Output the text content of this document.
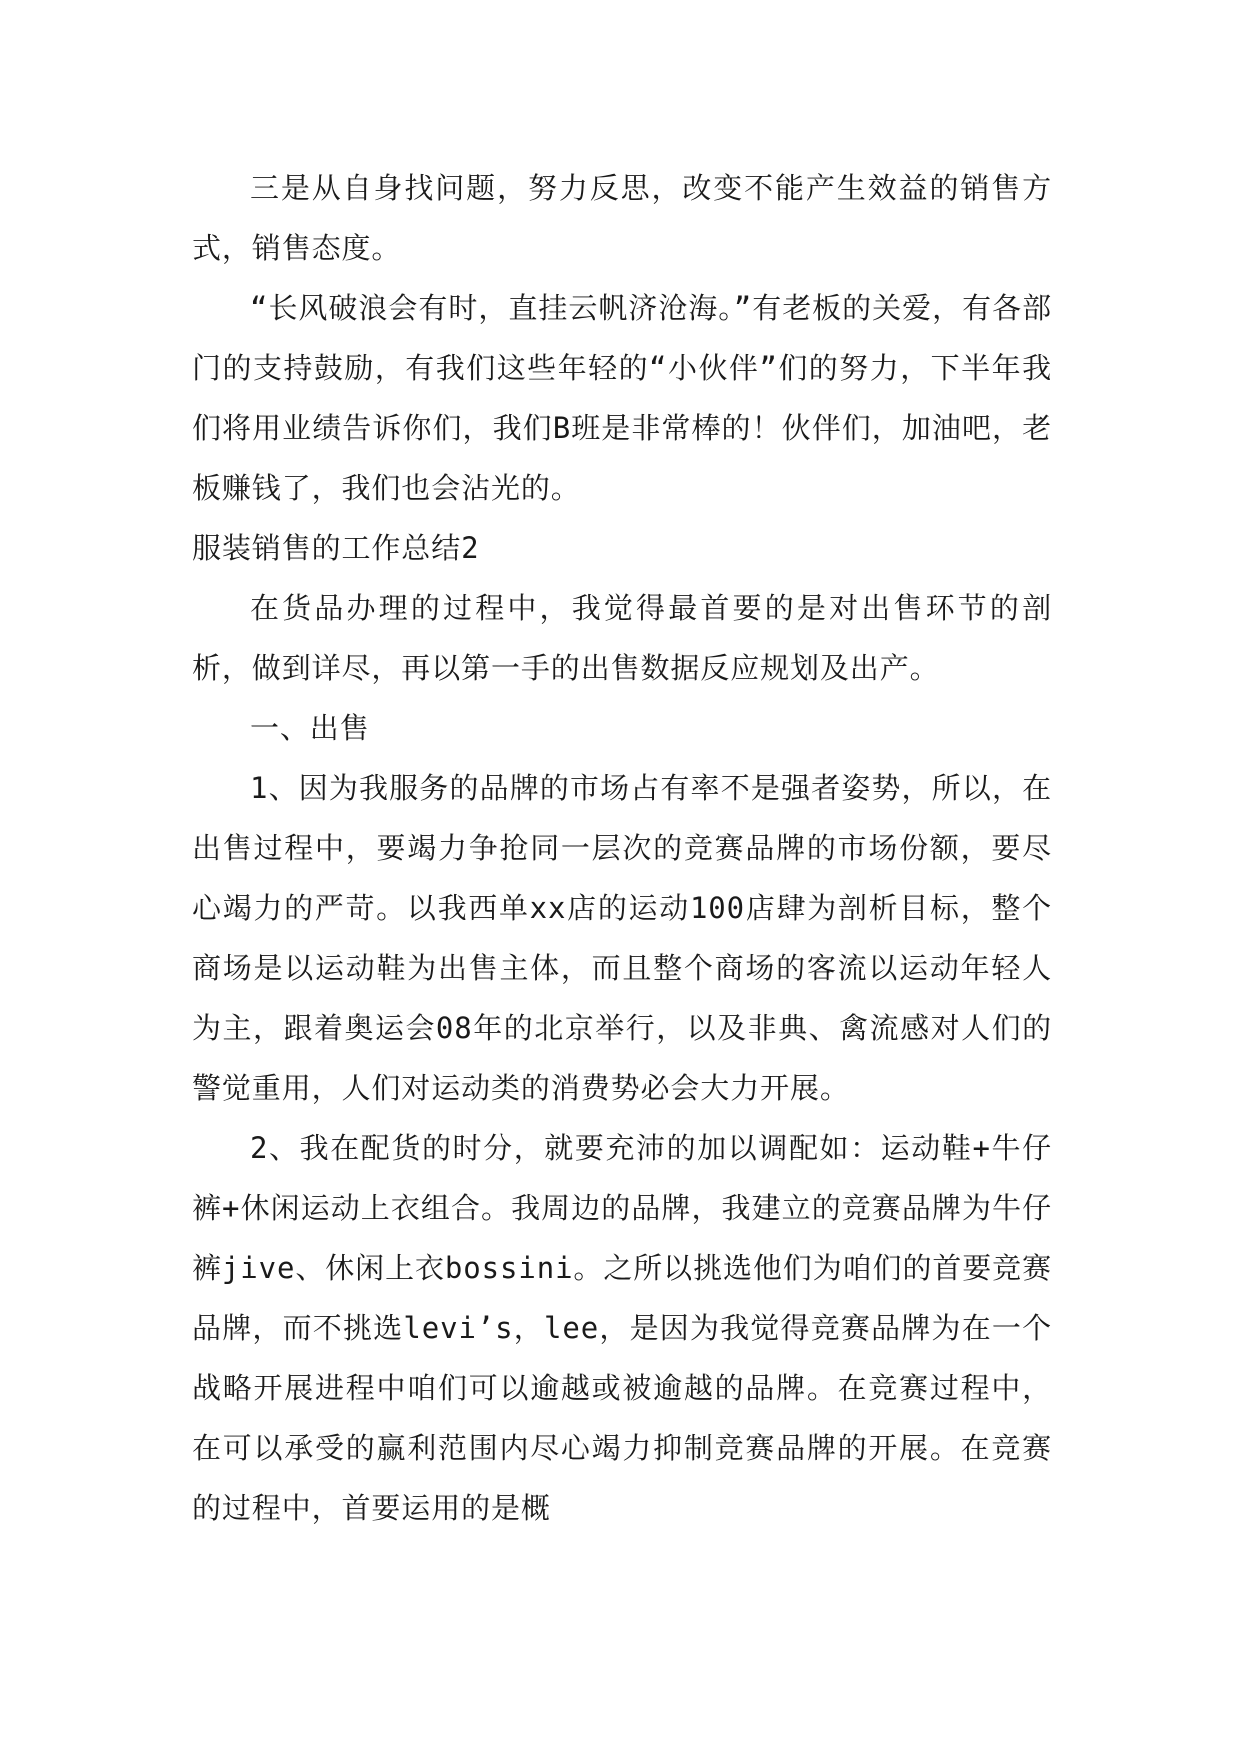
三是从自身找问题，努力反思，改变不能产生效益的销售方式，销售态度。

“长风破浪会有时，直挂云帆济沧海。”有老板的关爱，有各部门的支持鼓励，有我们这些年轻的“小伙伴”们的努力，下半年我们将用业绩告诉你们，我们B班是非常棒的！伙伴们，加油吧，老板赚钱了，我们也会沾光的。

服装销售的工作总结2

在货品办理的过程中，我觉得最首要的是对出售环节的剖析，做到详尽，再以第一手的出售数据反应规划及出产。

一、出售

1、因为我服务的品牌的市场占有率不是强者姿势，所以，在出售过程中，要竭力争抢同一层次的竞赛品牌的市场份额，要尽心竭力的严苛。以我西单xx店的运动100店肆为剖析目标，整个商场是以运动鞋为出售主体，而且整个商场的客流以运动年轻人为主，跟着奥运会08年的北京举行，以及非典、禽流感对人们的警觉重用，人们对运动类的消费势必会大力开展。

2、我在配货的时分，就要充沛的加以调配如：运动鞋+牛仔裤+休闲运动上衣组合。我周边的品牌，我建立的竞赛品牌为牛仔裤jive、休闲上衣bossini。之所以挑选他们为咱们的首要竞赛品牌，而不挑选levi’s，lee，是因为我觉得竞赛品牌为在一个战略开展进程中咱们可以逾越或被逾越的品牌。在竞赛过程中，在可以承受的赢利范围内尽心竭力抑制竞赛品牌的开展。在竞赛的过程中，首要运用的是概
